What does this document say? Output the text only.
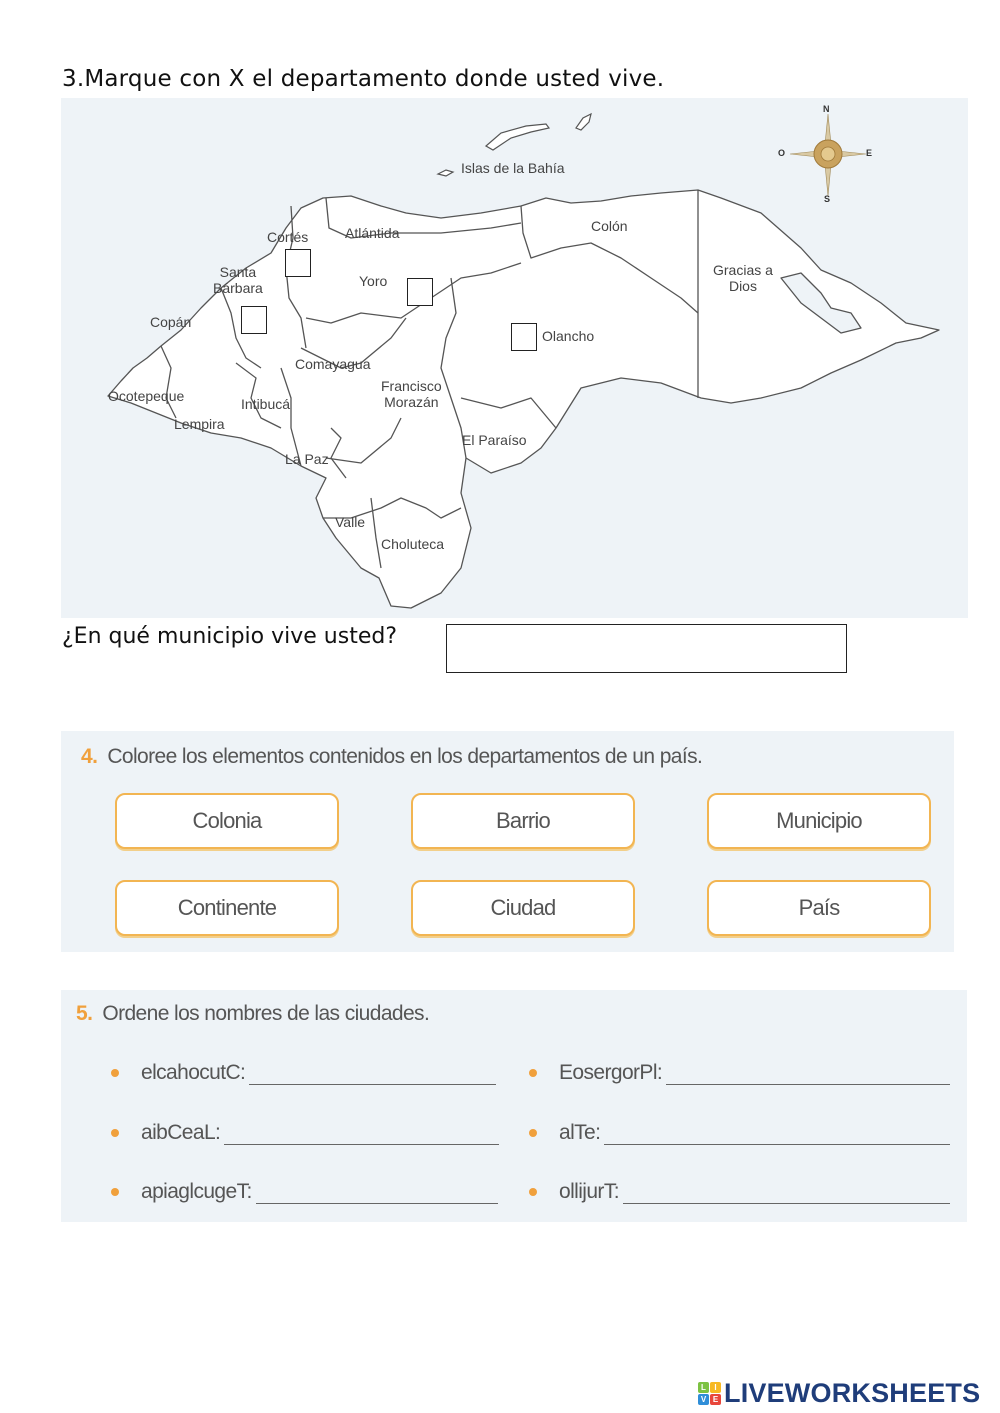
3.Marque con X el departamento donde usted vive.
Islas de la Bahía
Cortés	Atlántida	Colón
Gracias a
Dios
Santa
Bárbara	Yoro
Copán
Olancho
Comayagua
Ocotepeque
Francisco
Morazán
Intibucá
Lempira
El Paraíso
La Paz
Valle
Choluteca
N
S
E
O
¿En qué municipio vive usted?
4. Coloree los elementos contenidos en los departamentos de un país.
Colonia	Barrio	Municipio
Continente	Ciudad	País
5. Ordene los nombres de las ciudades.
elcahocutC:
aibCeaL:
apiaglcugeT:
EosergorPl:
alTe:
ollijurT:
L	I
V E LIVEWORKSHEETS
